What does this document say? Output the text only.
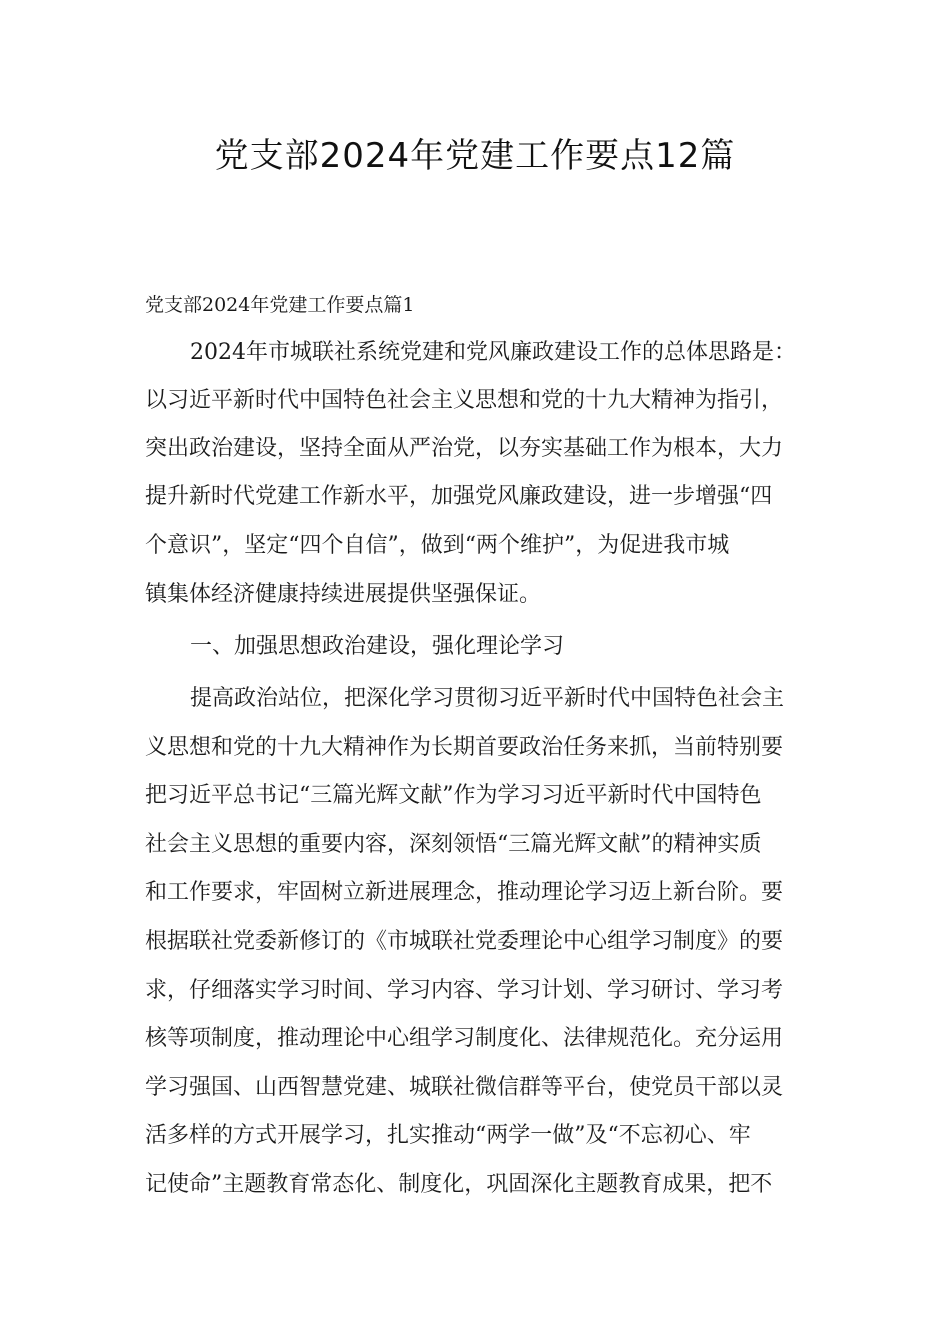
党支部2024年党建工作要点12篇
党支部2024年党建工作要点篇1
2024年市城联社系统党建和党风廉政建设工作的总体思路是：
以习近平新时代中国特色社会主义思想和党的十九大精神为指引，
突出政治建设，坚持全面从严治党，以夯实基础工作为根本，大力
提升新时代党建工作新水平，加强党风廉政建设，进一步增强“四
个意识”，坚定“四个自信”，做到“两个维护”，为促进我市城
镇集体经济健康持续进展提供坚强保证。
一、加强思想政治建设，强化理论学习
提高政治站位，把深化学习贯彻习近平新时代中国特色社会主
义思想和党的十九大精神作为长期首要政治任务来抓，当前特别要
把习近平总书记“三篇光辉文献”作为学习习近平新时代中国特色
社会主义思想的重要内容，深刻领悟“三篇光辉文献”的精神实质
和工作要求，牢固树立新进展理念，推动理论学习迈上新台阶。要
根据联社党委新修订的《市城联社党委理论中心组学习制度》的要
求，仔细落实学习时间、学习内容、学习计划、学习研讨、学习考
核等项制度，推动理论中心组学习制度化、法律规范化。充分运用
学习强国、山西智慧党建、城联社微信群等平台，使党员干部以灵
活多样的方式开展学习，扎实推动“两学一做”及“不忘初心、牢
记使命”主题教育常态化、制度化，巩固深化主题教育成果，把不
